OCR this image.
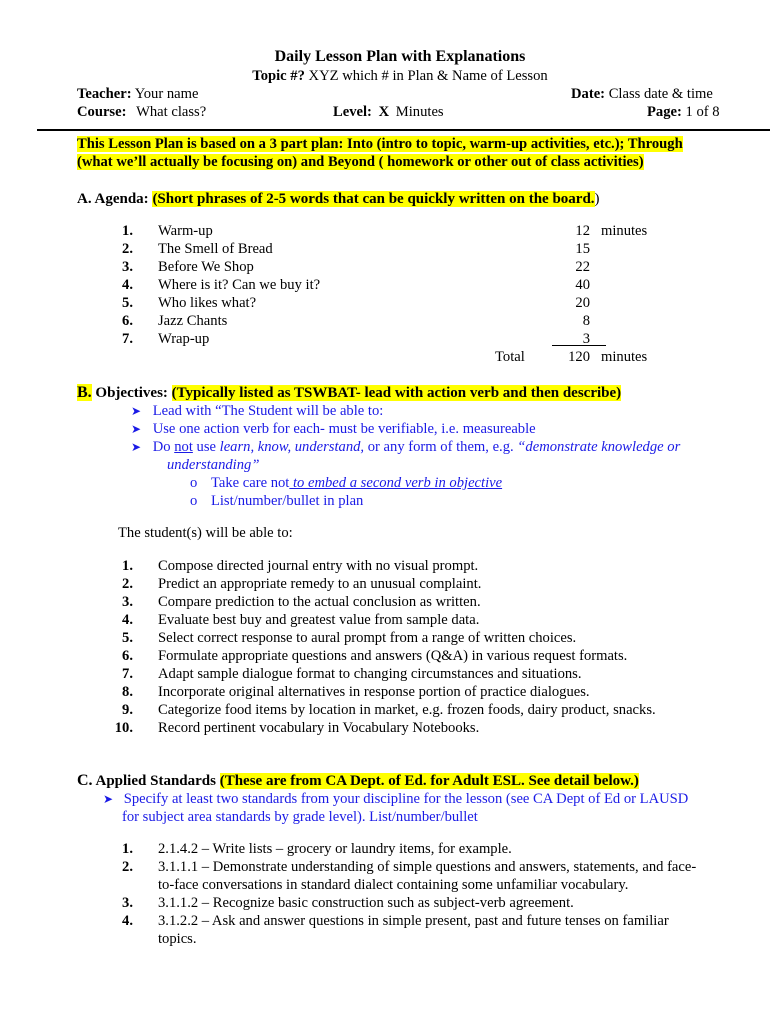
Daily Lesson Plan with Explanations
Topic #? XYZ which # in Plan & Name of Lesson
Teacher: Your name	Date: Class date & time
Course: What class?	Level: X Minutes	Page: 1 of 8
This Lesson Plan is based on a 3 part plan: Into (intro to topic, warm-up activities, etc.); Through
(what we’ll actually be focusing on) and Beyond ( homework or other out of class activities)
A. Agenda: (Short phrases of 2-5 words that can be quickly written on the board.)
1. Warm-up	12 minutes
2. The Smell of Bread	15
3. Before We Shop	22
4. Where is it? Can we buy it?	40
5. Who likes what?	20
6. Jazz Chants	8
7. Wrap-up	3
Total	120 minutes
B. Objectives: (Typically listed as TSWBAT- lead with action verb and then describe)
➤ Lead with “The Student will be able to:
➤ Use one action verb for each- must be verifiable, i.e. measureable
➤ Do not use learn, know, understand, or any form of them, e.g. “demonstrate knowledge or
understanding”
o Take care not to embed a second verb in objective
o List/number/bullet in plan
The student(s) will be able to:
1. Compose directed journal entry with no visual prompt.
2. Predict an appropriate remedy to an unusual complaint.
3. Compare prediction to the actual conclusion as written.
4. Evaluate best buy and greatest value from sample data.
5. Select correct response to aural prompt from a range of written choices.
6. Formulate appropriate questions and answers (Q&A) in various request formats.
7. Adapt sample dialogue format to changing circumstances and situations.
8. Incorporate original alternatives in response portion of practice dialogues.
9. Categorize food items by location in market, e.g. frozen foods, dairy product, snacks.
10. Record pertinent vocabulary in Vocabulary Notebooks.
C. Applied Standards (These are from CA Dept. of Ed. for Adult ESL. See detail below.)
➤ Specify at least two standards from your discipline for the lesson (see CA Dept of Ed or LAUSD
for subject area standards by grade level). List/number/bullet
1. 2.1.4.2 – Write lists – grocery or laundry items, for example.
2. 3.1.1.1 – Demonstrate understanding of simple questions and answers, statements, and face-
to-face conversations in standard dialect containing some unfamiliar vocabulary.
3. 3.1.1.2 – Recognize basic construction such as subject-verb agreement.
4. 3.1.2.2 – Ask and answer questions in simple present, past and future tenses on familiar
topics.
